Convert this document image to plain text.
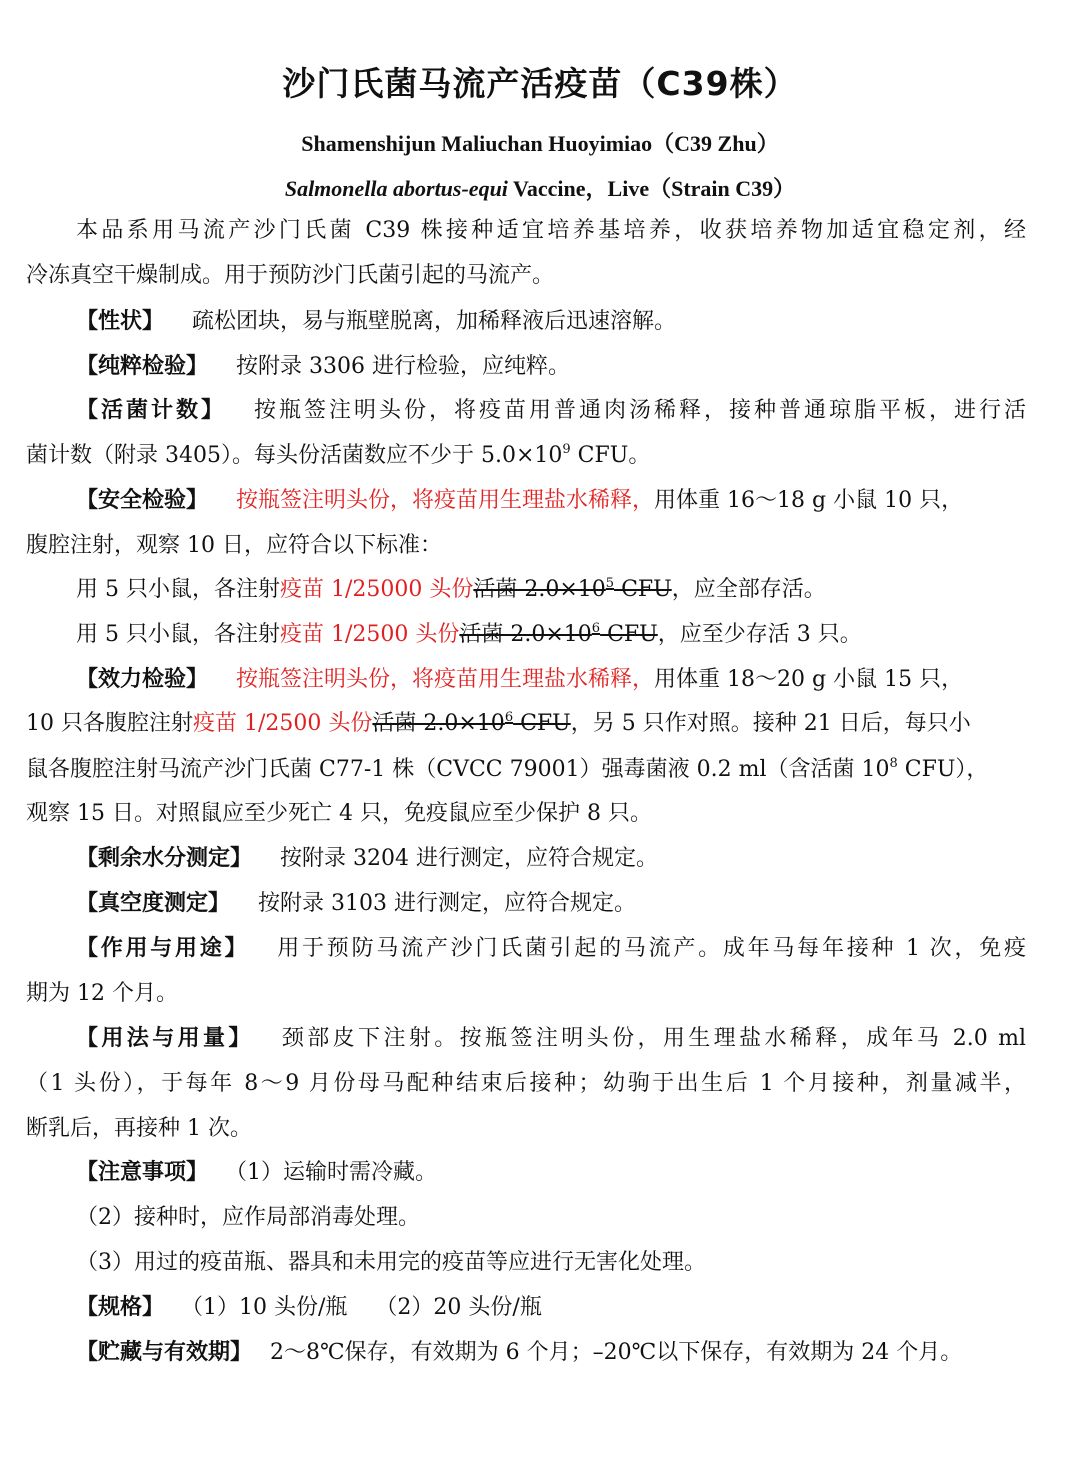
沙门氏菌马流产活疫苗（C39株）
Shamenshijun Maliuchan Huoyimiao（C39 Zhu）
Salmonella abortus-equi Vaccine，Live（Strain C39）
本品系用马流产沙门氏菌 C39 株接种适宜培养基培养，收获培养物加适宜稳定剂，经
冷冻真空干燥制成。用于预防沙门氏菌引起的马流产。
【性状】 疏松团块，易与瓶壁脱离，加稀释液后迅速溶解。
【纯粹检验】 按附录 3306 进行检验，应纯粹。
【活菌计数】 按瓶签注明头份，将疫苗用普通肉汤稀释，接种普通琼脂平板，进行活
菌计数（附录 3405）。每头份活菌数应不少于 $5.0\times 10^9$ CFU。
【安全检验】 按瓶签注明头份，将疫苗用生理盐水稀释，用体重 16～18 g 小鼠 10 只，
腹腔注射，观察 10 日，应符合以下标准：
用 5 只小鼠，各注射疫苗 1/25000 头份活菌 $2.0\times 10^5$ CFU，应全部存活。
用 5 只小鼠，各注射疫苗 1/2500 头份活菌 $2.0\times 10^6$ CFU，应至少存活 3 只。
【效力检验】 按瓶签注明头份，将疫苗用生理盐水稀释，用体重 18～20 g 小鼠 15 只，
10 只各腹腔注射疫苗 1/2500 头份活菌 $2.0\times 10^6$ CFU，另 5 只作对照。接种 21 日后，每只小
鼠各腹腔注射马流产沙门氏菌 C77-1 株（CVCC 79001）强毒菌液 0.2 ml（含活菌 $10^8$ CFU），
观察 15 日。对照鼠应至少死亡 4 只，免疫鼠应至少保护 8 只。
【剩余水分测定】 按附录 3204 进行测定，应符合规定。
【真空度测定】 按附录 3103 进行测定，应符合规定。
【作用与用途】 用于预防马流产沙门氏菌引起的马流产。成年马每年接种 1 次，免疫
期为 12 个月。
【用法与用量】 颈部皮下注射。按瓶签注明头份，用生理盐水稀释，成年马 2.0 ml
（1 头份），于每年 8～9 月份母马配种结束后接种；幼驹于出生后 1 个月接种，剂量减半，
断乳后，再接种 1 次。
【注意事项】 （1）运输时需冷藏。
（2）接种时，应作局部消毒处理。
（3）用过的疫苗瓶、器具和未用完的疫苗等应进行无害化处理。
【规格】 （1）10 头份/瓶 （2）20 头份/瓶
【贮藏与有效期】 2～8℃保存，有效期为 6 个月；–20℃以下保存，有效期为 24 个月。
